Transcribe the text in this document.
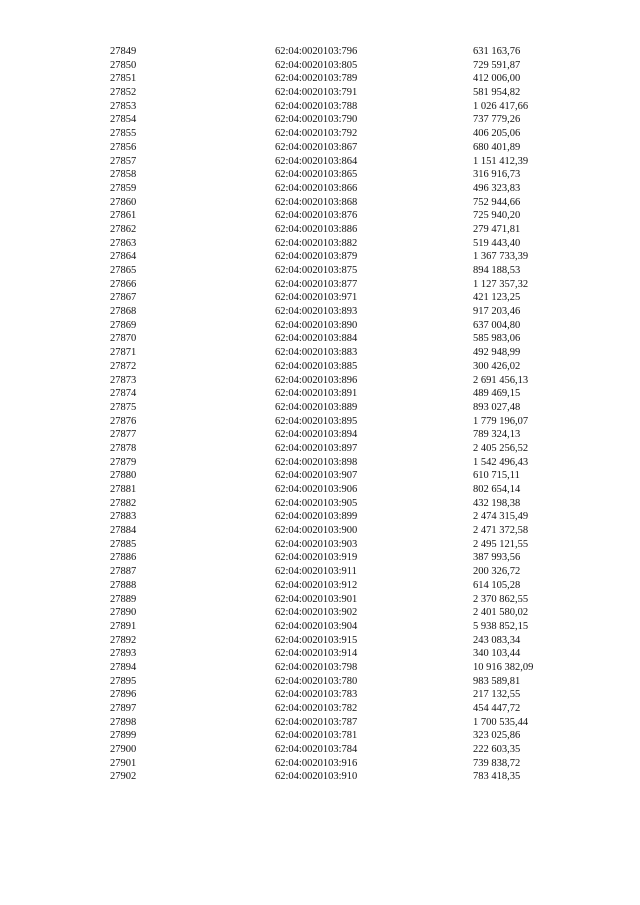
27849	62:04:0020103:796	631 163,76
27850	62:04:0020103:805	729 591,87
27851	62:04:0020103:789	412 006,00
27852	62:04:0020103:791	581 954,82
27853	62:04:0020103:788	1 026 417,66
27854	62:04:0020103:790	737 779,26
27855	62:04:0020103:792	406 205,06
27856	62:04:0020103:867	680 401,89
27857	62:04:0020103:864	1 151 412,39
27858	62:04:0020103:865	316 916,73
27859	62:04:0020103:866	496 323,83
27860	62:04:0020103:868	752 944,66
27861	62:04:0020103:876	725 940,20
27862	62:04:0020103:886	279 471,81
27863	62:04:0020103:882	519 443,40
27864	62:04:0020103:879	1 367 733,39
27865	62:04:0020103:875	894 188,53
27866	62:04:0020103:877	1 127 357,32
27867	62:04:0020103:971	421 123,25
27868	62:04:0020103:893	917 203,46
27869	62:04:0020103:890	637 004,80
27870	62:04:0020103:884	585 983,06
27871	62:04:0020103:883	492 948,99
27872	62:04:0020103:885	300 426,02
27873	62:04:0020103:896	2 691 456,13
27874	62:04:0020103:891	489 469,15
27875	62:04:0020103:889	893 027,48
27876	62:04:0020103:895	1 779 196,07
27877	62:04:0020103:894	789 324,13
27878	62:04:0020103:897	2 405 256,52
27879	62:04:0020103:898	1 542 496,43
27880	62:04:0020103:907	610 715,11
27881	62:04:0020103:906	802 654,14
27882	62:04:0020103:905	432 198,38
27883	62:04:0020103:899	2 474 315,49
27884	62:04:0020103:900	2 471 372,58
27885	62:04:0020103:903	2 495 121,55
27886	62:04:0020103:919	387 993,56
27887	62:04:0020103:911	200 326,72
27888	62:04:0020103:912	614 105,28
27889	62:04:0020103:901	2 370 862,55
27890	62:04:0020103:902	2 401 580,02
27891	62:04:0020103:904	5 938 852,15
27892	62:04:0020103:915	243 083,34
27893	62:04:0020103:914	340 103,44
27894	62:04:0020103:798	10 916 382,09
27895	62:04:0020103:780	983 589,81
27896	62:04:0020103:783	217 132,55
27897	62:04:0020103:782	454 447,72
27898	62:04:0020103:787	1 700 535,44
27899	62:04:0020103:781	323 025,86
27900	62:04:0020103:784	222 603,35
27901	62:04:0020103:916	739 838,72
27902	62:04:0020103:910	783 418,35
